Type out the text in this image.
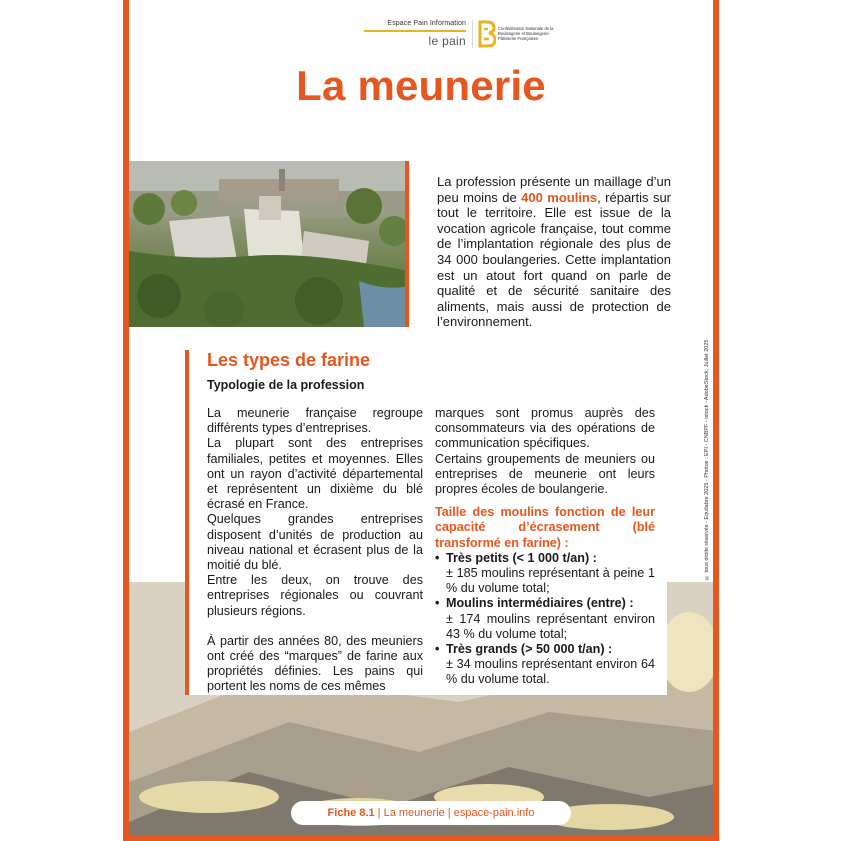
Espace Pain Information
le pain
Confédération Nationale de la Boulangerie et Boulangerie-Pâtisserie Françaises
La meunerie
La profession présente un maillage d’un peu moins de 400 moulins, répartis sur tout le territoire. Elle est issue de la vocation agricole française, tout comme de l’implantation régionale des plus de 34 000 boulangeries. Cette implantation est un atout fort quand on parle de qualité et de sécurité sanitaire des aliments, mais aussi de protection de l’environnement.
Les types de farine
Typologie de la profession

La meunerie française regroupe différents types d’entreprises.

La plupart sont des entreprises familiales, petites et moyennes. Elles ont un rayon d’activité départemental et représentent un dixième du blé écrasé en France.

Quelques grandes entreprises disposent d’unités de production au niveau national et écrasent plus de la moitié du blé.

Entre les deux, on trouve des entreprises régionales ou couvrant plusieurs régions.

À partir des années 80, des meuniers ont créé des “marques” de farine aux propriétés définies. Les pains qui portent les noms de ces mêmes

marques sont promus auprès des consommateurs via des opérations de communication spécifiques.

Certains groupements de meuniers ou entreprises de meunerie ont leurs propres écoles de boulangerie.

Taille des moulins fonction de leur capacité d’écrasement (blé transformé en farine) :

• Très petits (< 1 000 t/an) :
± 185 moulins représentant à peine 1 % du volume total;
• Moulins intermédiaires (entre) :
± 174 moulins représentant environ 43 % du volume total;
• Très grands (> 50 000 t/an) :
± 34 moulins représentant environ 64 % du volume total.
Fiche 8.1 | La meunerie | espace-pain.info
© tous droits réservés - Equilabre 2025 - Photos : EPI - CNBPF - istock - AdobeStock, Juillet 2025
